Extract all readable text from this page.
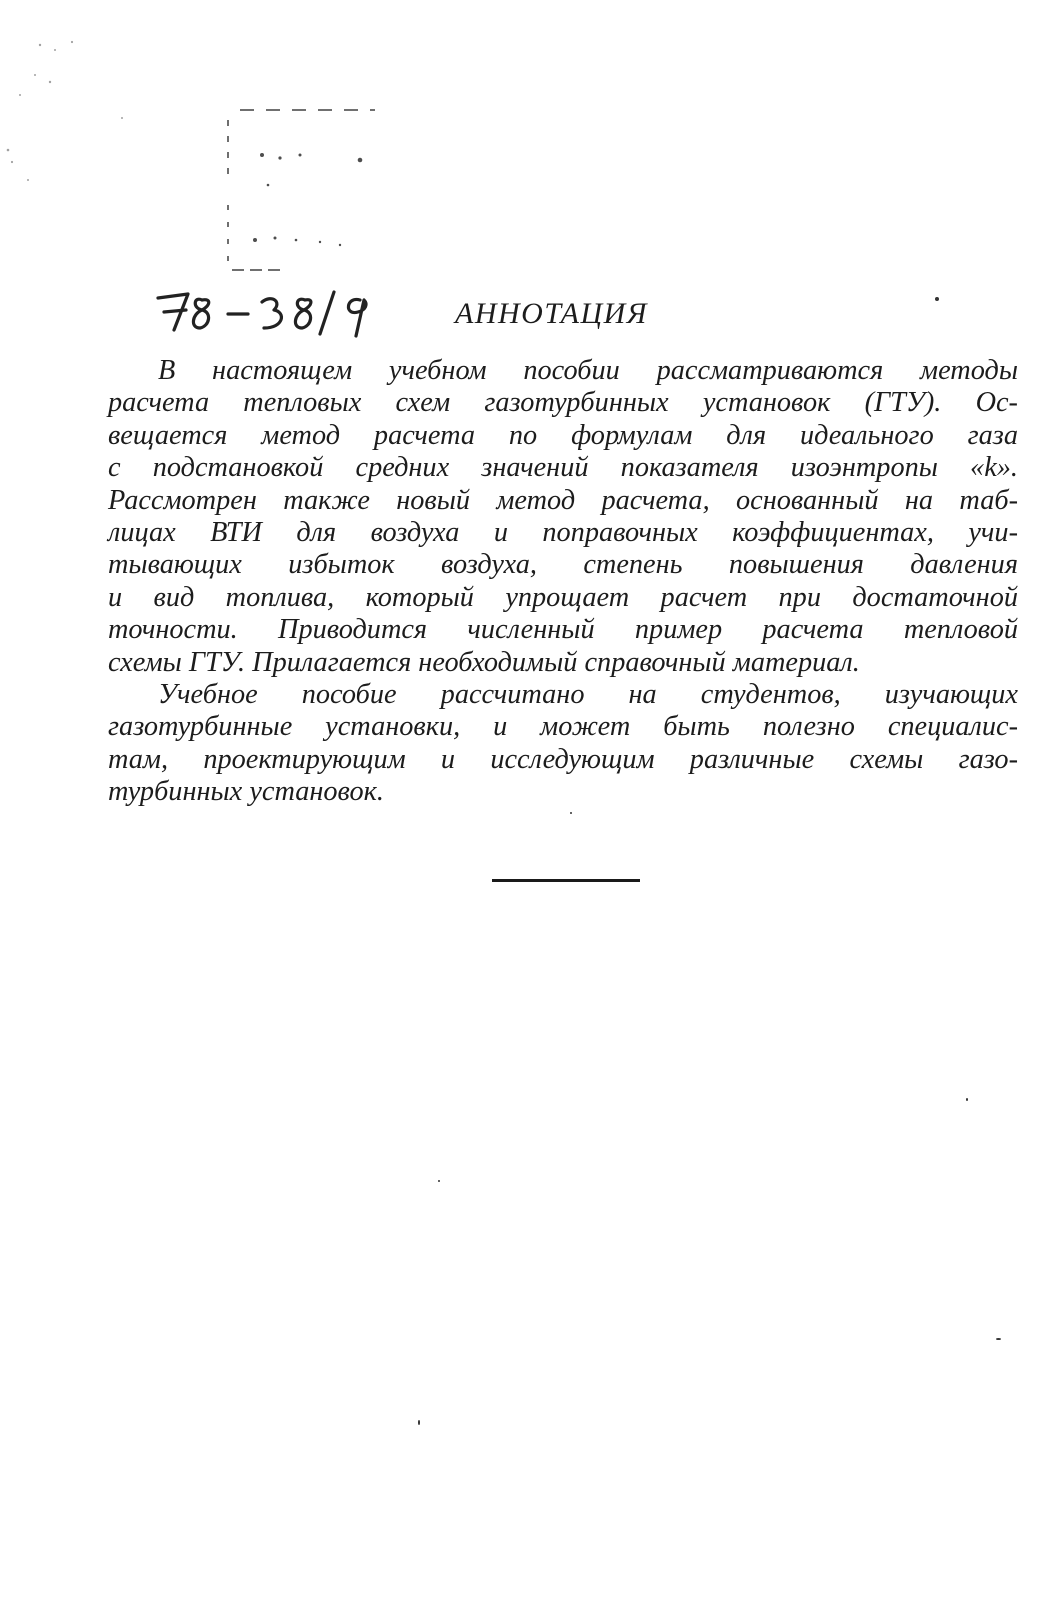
АННОТАЦИЯ
В настоящем учебном пособии рассматриваются методы
расчета тепловых схем газотурбинных установок (ГТУ). Ос-
вещается метод расчета по формулам для идеального газа
с подстановкой средних значений показателя изоэнтропы «k».
Рассмотрен также новый метод расчета, основанный на таб-
лицах ВТИ для воздуха и поправочных коэффициентах, учи-
тывающих избыток воздуха, степень повышения давления
и вид топлива, который упрощает расчет при достаточной
точности. Приводится численный пример расчета тепловой
схемы ГТУ. Прилагается необходимый справочный материал.
Учебное пособие рассчитано на студентов, изучающих
газотурбинные установки, и может быть полезно специалис-
там, проектирующим и исследующим различные схемы газо-
турбинных установок.
